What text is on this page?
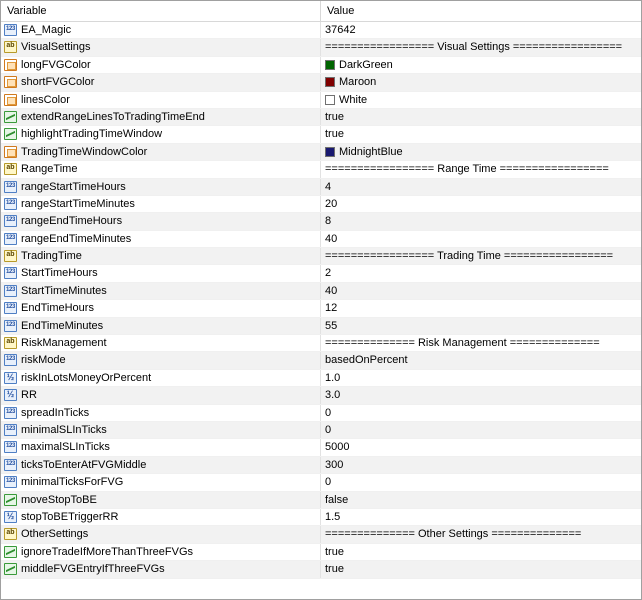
Variable	Value
123
EA_Magic	37642
ab
VisualSettings	================= Visual Settings =================
longFVGColor	DarkGreen
shortFVGColor	Maroon
linesColor	White
extendRangeLinesToTradingTimeEnd	true
highlightTradingTimeWindow	true
TradingTimeWindowColor	MidnightBlue
ab
RangeTime	================= Range Time =================
123
rangeStartTimeHours	4
123
rangeStartTimeMinutes	20
123
rangeEndTimeHours	8
123
rangeEndTimeMinutes	40
ab
TradingTime	================= Trading Time =================
123
StartTimeHours	2
123
StartTimeMinutes	40
123
EndTimeHours	12
123
EndTimeMinutes	55
ab
RiskManagement	============== Risk Management ==============
123
riskMode	basedOnPercent
½
riskInLotsMoneyOrPercent	1.0
½
RR	3.0
123
spreadInTicks	0
123
minimalSLInTicks	0
123
maximalSLInTicks	5000
123
ticksToEnterAtFVGMiddle	300
123
minimalTicksForFVG	0
moveStopToBE	false
½
stopToBETriggerRR	1.5
ab
OtherSettings	============== Other Settings ==============
ignoreTradeIfMoreThanThreeFVGs	true
middleFVGEntryIfThreeFVGs	true
